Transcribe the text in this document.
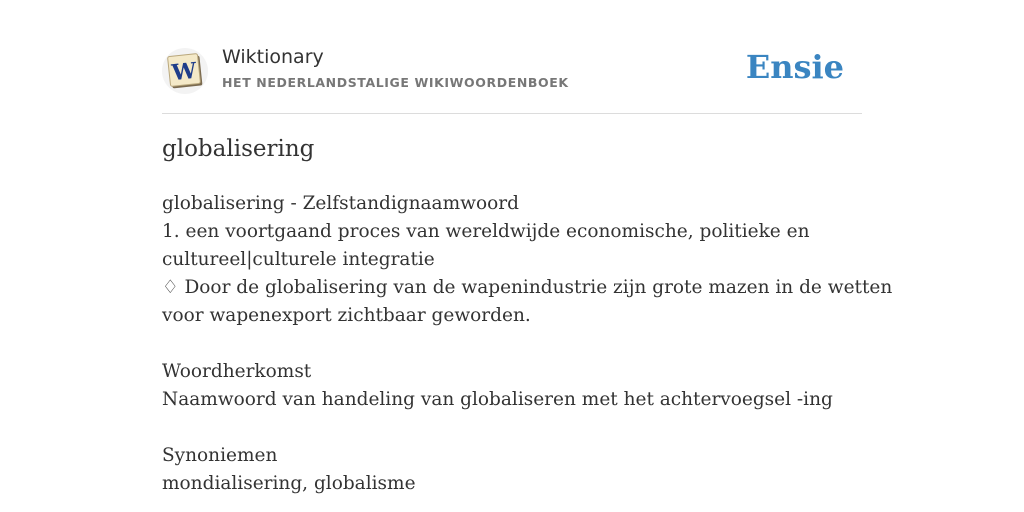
W
Wiktionary
HET NEDERLANDSTALIGE WIKIWOORDENBOEK	Ensie
globalisering
globalisering - Zelfstandignaamwoord
1. een voortgaand proces van wereldwijde economische, politieke en
cultureel|culturele integratie
♢ Door de globalisering van de wapenindustrie zijn grote mazen in de wetten
voor wapenexport zichtbaar geworden.
Woordherkomst
Naamwoord van handeling van globaliseren met het achtervoegsel -ing
Synoniemen
mondialisering, globalisme
